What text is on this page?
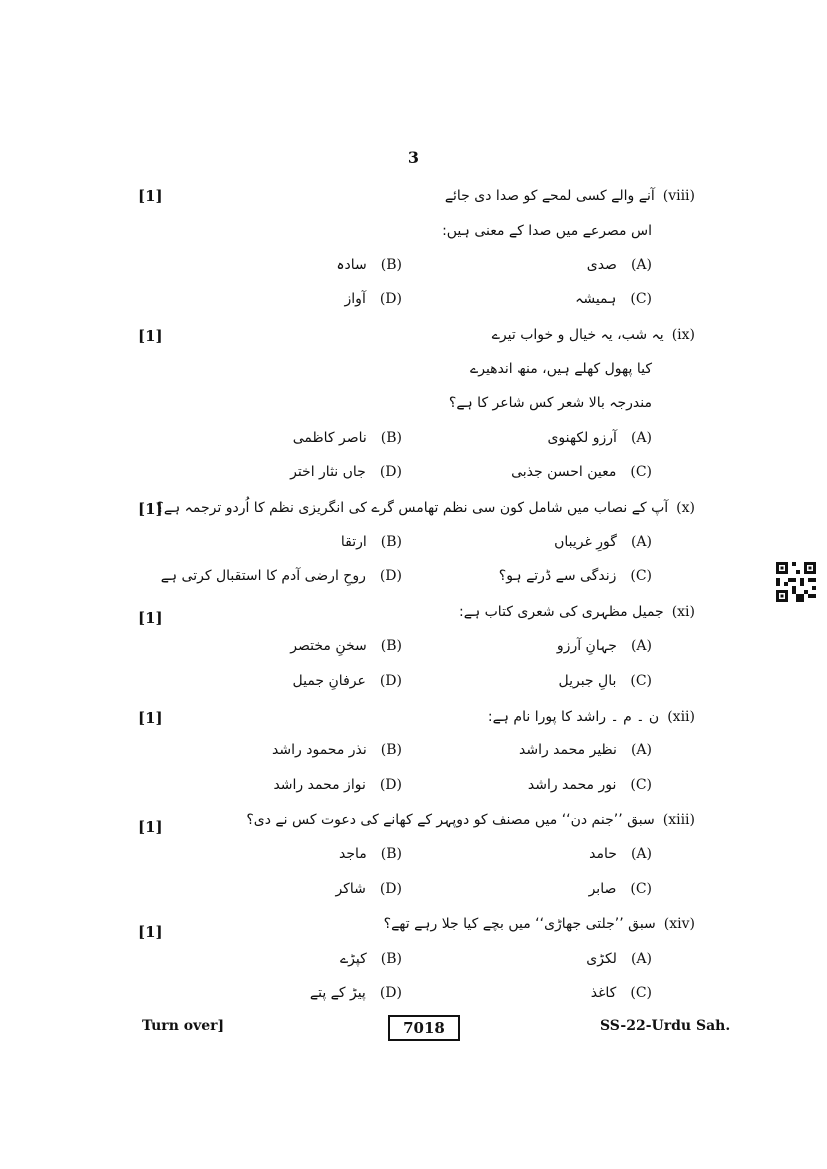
3
[1]	(viii)آنے والے کسی لمحے کو صدا دی جائے
اس مصرعے میں صدا کے معنی ہیں:
(A)صدی
(B)سادہ
(C)ہمیشہ
(D)آواز
[1]	(ix)یہ شب، یہ خیال و خواب تیرے
کیا پھول کھلے ہیں، منھ اندھیرے
مندرجہ بالا شعر کس شاعر کا ہے؟
(A)آرزو لکھنوی
(B)ناصر کاظمی
(C)معین احسن جذبی
(D)جاں نثار اختر
[1]	(x)آپ کے نصاب میں شامل کون سی نظم تھامس گرے کی انگریزی نظم کا اُردو ترجمہ ہے؟
(A)گورِ غریباں
(B)ارتقا
(C)زندگی سے ڈرتے ہو؟
(D)روحِ ارضی آدم کا استقبال کرتی ہے
[1]	(xi)جمیل مظہری کی شعری کتاب ہے:
(A)جہانِ آرزو
(B)سخنِ مختصر
(C)بالِ جبریل
(D)عرفانِ جمیل
[1]	(xii)ن ۔ م ۔ راشد کا پورا نام ہے:
(A)نظیر محمد راشد
(B)نذر محمود راشد
(C)نور محمد راشد
(D)نواز محمد راشد
[1]	(xiii)سبق ’’جنم دن‘‘ میں مصنف کو دوپہر کے کھانے کی دعوت کس نے دی؟
(A)حامد
(B)ماجد
(C)صابر
(D)شاکر
[1]	(xiv)سبق ’’جلتی جھاڑی‘‘ میں بچے کیا جلا رہے تھے؟
(A)لکڑی
(B)کپڑے
(C)کاغذ
(D)پیڑ کے پتے
Turn over]	7018	SS-22-Urdu Sah.
